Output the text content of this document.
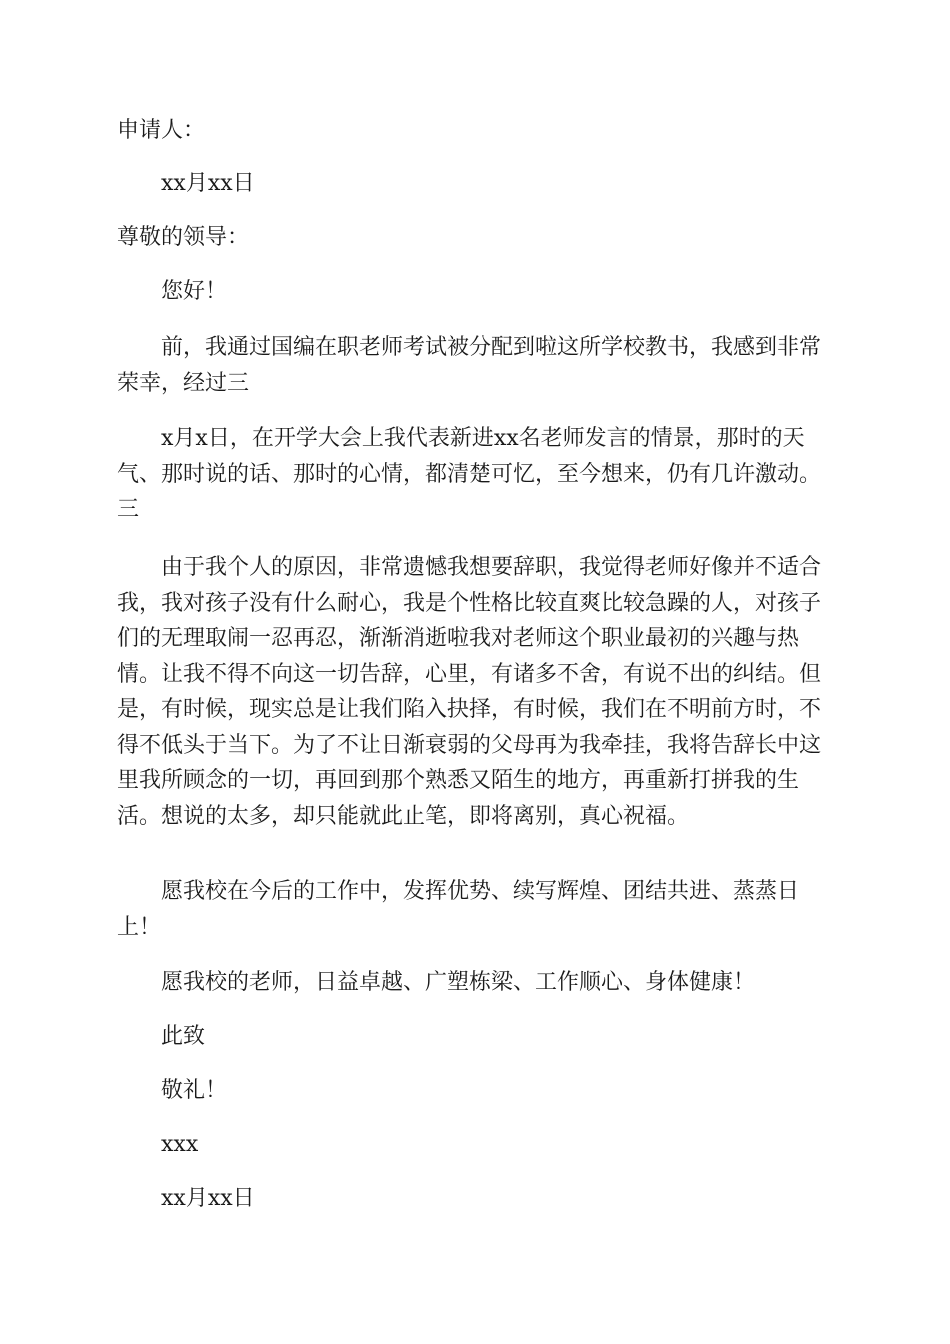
申请人：
xx月xx日
尊敬的领导：
您好！
前，我通过国编在职老师考试被分配到啦这所学校教书，我感到非常
荣幸，经过三
x月x日，在开学大会上我代表新进xx名老师发言的情景，那时的天
气、那时说的话、那时的心情，都清楚可忆，至今想来，仍有几许激动。
三
由于我个人的原因，非常遗憾我想要辞职，我觉得老师好像并不适合
我，我对孩子没有什么耐心，我是个性格比较直爽比较急躁的人，对孩子
们的无理取闹一忍再忍，渐渐消逝啦我对老师这个职业最初的兴趣与热
情。让我不得不向这一切告辞，心里，有诸多不舍，有说不出的纠结。但
是，有时候，现实总是让我们陷入抉择，有时候，我们在不明前方时，不
得不低头于当下。为了不让日渐衰弱的父母再为我牵挂，我将告辞长中这
里我所顾念的一切，再回到那个熟悉又陌生的地方，再重新打拼我的生
活。想说的太多，却只能就此止笔，即将离别，真心祝福。
愿我校在今后的工作中，发挥优势、续写辉煌、团结共进、蒸蒸日
上！
愿我校的老师，日益卓越、广塑栋梁、工作顺心、身体健康！
此致
敬礼！
xxx
xx月xx日
